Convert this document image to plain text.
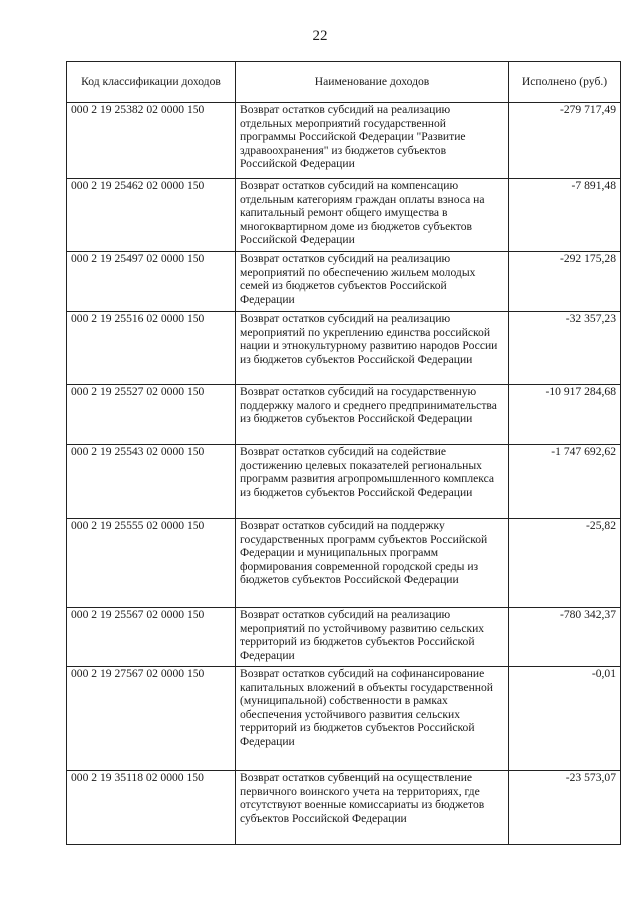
22
Код классификации доходов	Наименование доходов	Исполнено (руб.)
000 2 19 25382 02 0000 150	Возврат остатков субсидий на реализацию отдельных мероприятий государственной программы Российской Федерации "Развитие здравоохранения" из бюджетов субъектов Российской Федерации	-279 717,49
000 2 19 25462 02 0000 150	Возврат остатков субсидий на компенсацию отдельным категориям граждан оплаты взноса на капитальный ремонт общего имущества в многоквартирном доме из бюджетов субъектов Российской Федерации	-7 891,48
000 2 19 25497 02 0000 150	Возврат остатков субсидий на реализацию мероприятий по обеспечению жильем молодых семей из бюджетов субъектов Российской Федерации	-292 175,28
000 2 19 25516 02 0000 150	Возврат остатков субсидий на реализацию мероприятий по укреплению единства российской нации и этнокультурному развитию народов России из бюджетов субъектов Российской Федерации	-32 357,23
000 2 19 25527 02 0000 150	Возврат остатков субсидий на государственную поддержку малого и среднего предпринимательства из бюджетов субъектов Российской Федерации	-10 917 284,68
000 2 19 25543 02 0000 150	Возврат остатков субсидий на содействие достижению целевых показателей региональных программ развития агропромышленного комплекса из бюджетов субъектов Российской Федерации	-1 747 692,62
000 2 19 25555 02 0000 150	Возврат остатков субсидий на поддержку государственных программ субъектов Российской Федерации и муниципальных программ формирования современной городской среды из бюджетов субъектов Российской Федерации	-25,82
000 2 19 25567 02 0000 150	Возврат остатков субсидий на реализацию мероприятий по устойчивому развитию сельских территорий из бюджетов субъектов Российской Федерации	-780 342,37
000 2 19 27567 02 0000 150	Возврат остатков субсидий на софинансирование капитальных вложений в объекты государственной (муниципальной) собственности в рамках обеспечения устойчивого развития сельских территорий из бюджетов субъектов Российской Федерации	-0,01
000 2 19 35118 02 0000 150	Возврат остатков субвенций на осуществление первичного воинского учета на территориях, где отсутствуют военные комиссариаты из бюджетов субъектов Российской Федерации	-23 573,07
